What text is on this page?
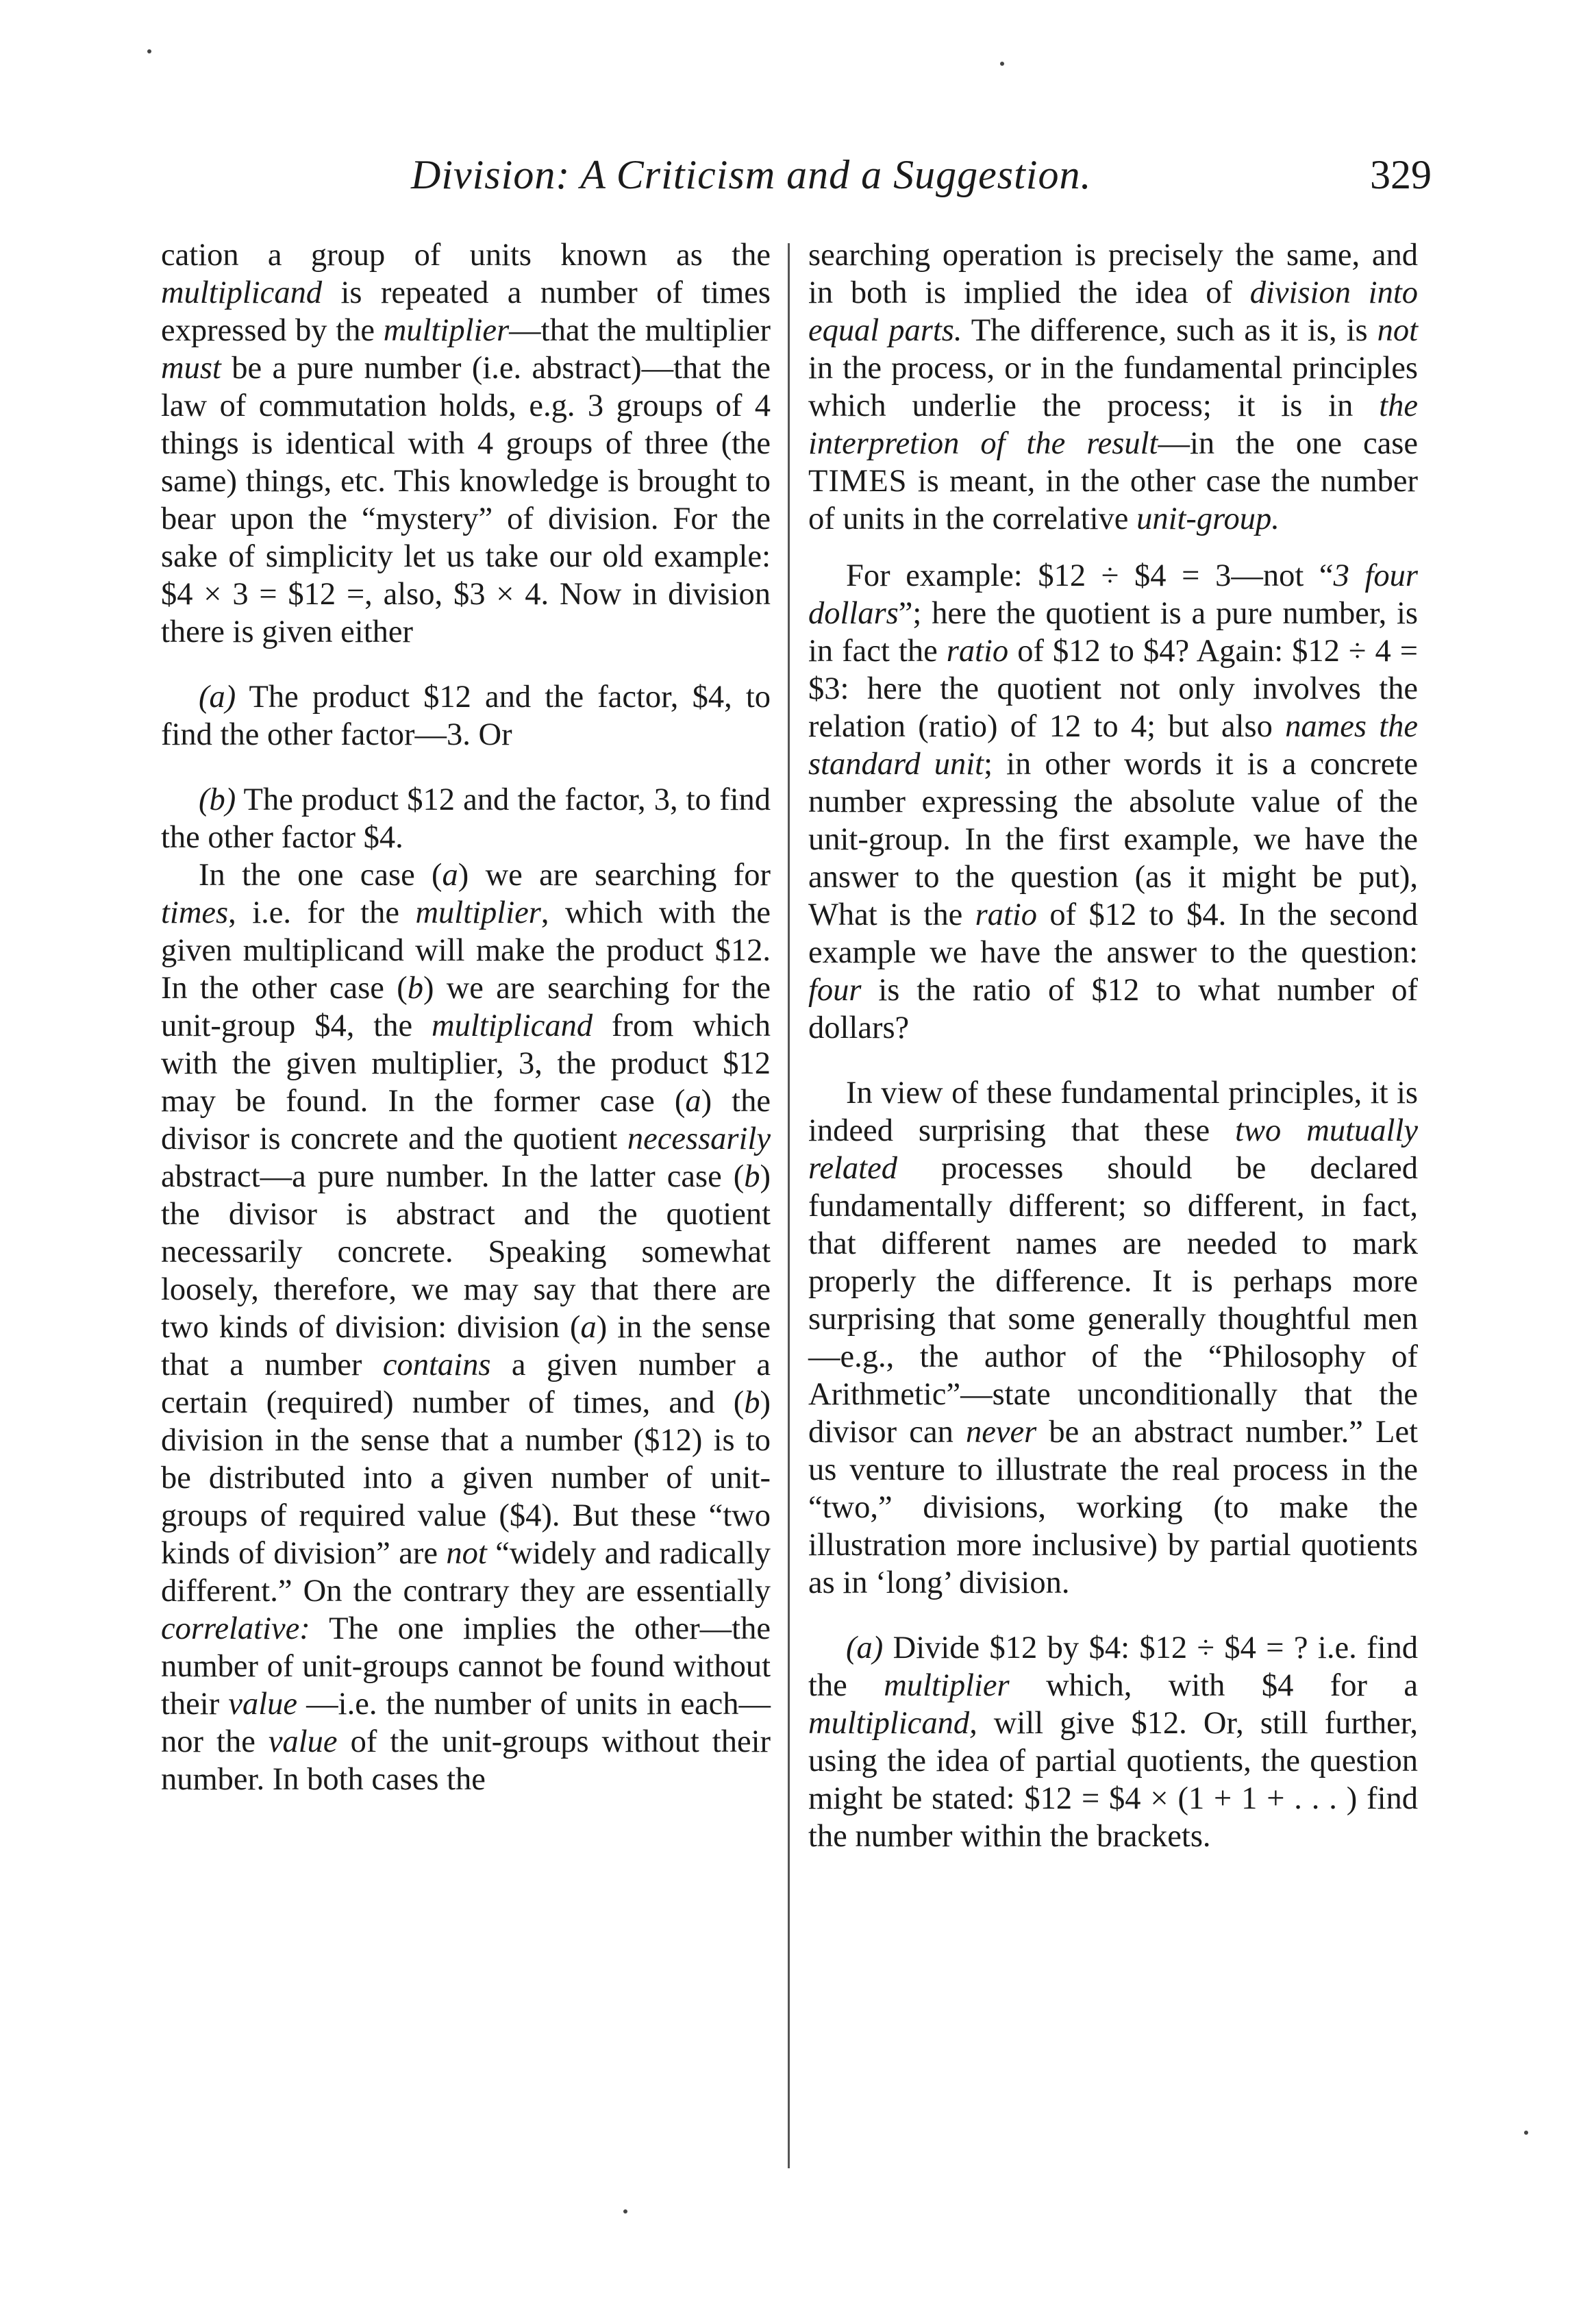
Division: A Criticism and a Suggestion.	329

cation a group of units known as the multiplicand is repeated a number of times expressed by the multiplier—that the multiplier must be a pure number (i.e. abstract)—that the law of commutation holds, e.g. 3 groups of 4 things is identical with 4 groups of three (the same) things, etc. This knowledge is brought to bear upon the “mystery” of division. For the sake of simplicity let us take our old example: $4 × 3 = $12 =, also, $3 × 4. Now in division there is given either

(a) The product $12 and the factor, $4, to find the other factor—3. Or

(b) The product $12 and the factor, 3, to find the other factor $4.

In the one case (a) we are searching for times, i.e. for the multiplier, which with the given multiplicand will make the product $12. In the other case (b) we are searching for the unit-group $4, the multiplicand from which with the given multiplier, 3, the product $12 may be found. In the former case (a) the divisor is concrete and the quotient necessarily abstract—a pure number. In the latter case (b) the divisor is abstract and the quotient necessarily concrete. Speaking somewhat loosely, therefore, we may say that there are two kinds of division: division (a) in the sense that a number contains a given number a certain (required) number of times, and (b) division in the sense that a number ($12) is to be distributed into a given number of unit-groups of required value ($4). But these “two kinds of division” are not “widely and radically different.” On the contrary they are essentially correlative: The one implies the other—the number of unit-groups cannot be found without their value —i.e. the number of units in each—nor the value of the unit-groups without their number. In both cases the

searching operation is precisely the same, and in both is implied the idea of division into equal parts. The difference, such as it is, is not in the process, or in the fundamental principles which underlie the process; it is in the interpretion of the result—in the one case TIMES is meant, in the other case the number of units in the correlative unit-group.

For example: $12 ÷ $4 = 3—not “3 four dollars”; here the quotient is a pure number, is in fact the ratio of $12 to $4? Again: $12 ÷ 4 = $3: here the quotient not only involves the relation (ratio) of 12 to 4; but also names the standard unit; in other words it is a concrete number expressing the absolute value of the unit-group. In the first example, we have the answer to the question (as it might be put), What is the ratio of $12 to $4. In the second example we have the answer to the question: four is the ratio of $12 to what number of dollars?

In view of these fundamental principles, it is indeed surprising that these two mutually related processes should be declared fundamentally different; so different, in fact, that different names are needed to mark properly the difference. It is perhaps more surprising that some generally thoughtful men—e.g., the author of the “Philosophy of Arithmetic”—state unconditionally that the divisor can never be an abstract number.” Let us venture to illustrate the real process in the “two,” divisions, working (to make the illustration more inclusive) by partial quotients as in ‘long’ division.

(a) Divide $12 by $4: $12 ÷ $4 = ? i.e. find the multiplier which, with $4 for a multiplicand, will give $12. Or, still further, using the idea of partial quotients, the question might be stated: $12 = $4 × (1 + 1 + . . . ) find the number within the brackets.
